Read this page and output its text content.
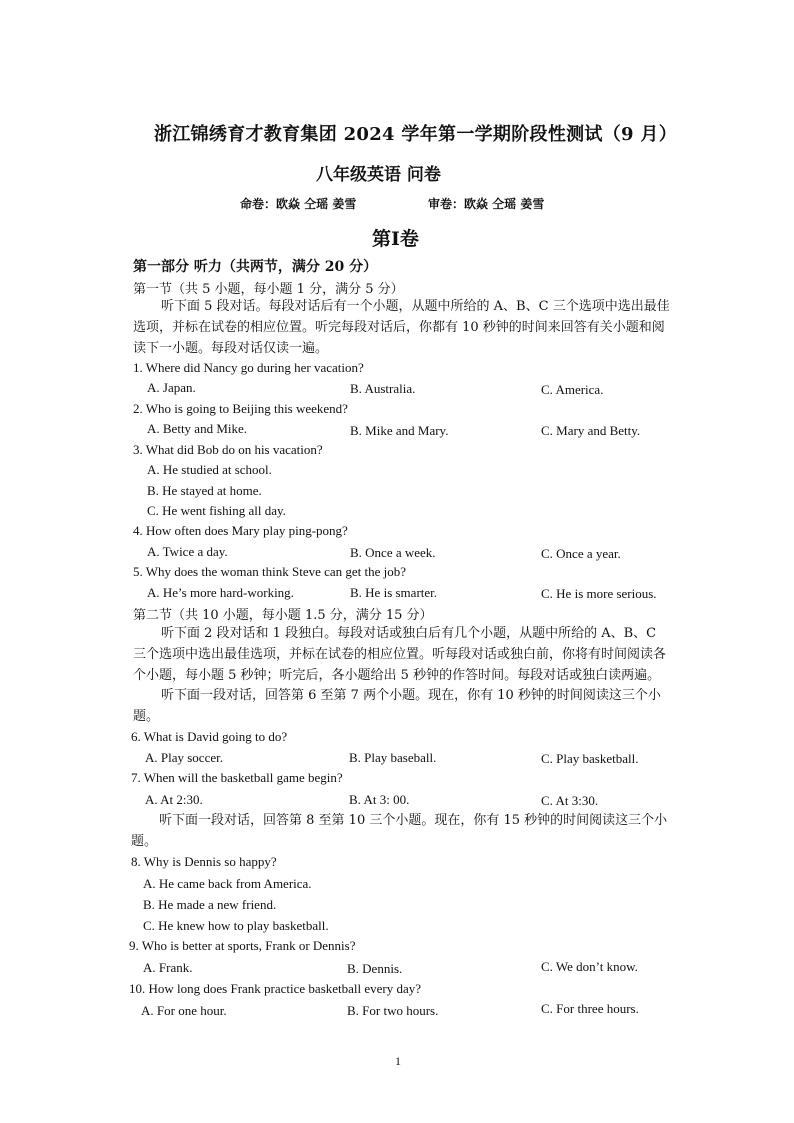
浙江锦绣育才教育集团 2024 学年第一学期阶段性测试（9 月）
八年级英语 问卷
命卷：欧焱 仝瑶 姜雪	审卷：欧焱 仝瑶 姜雪
第Ⅰ卷
第一部分 听力（共两节，满分 20 分）
第一节（共 5 小题，每小题 1 分，满分 5 分）
听下面 5 段对话。每段对话后有一个小题，从题中所给的 A、B、C 三个选项中选出最佳选项，并标在试卷的相应位置。听完每段对话后，你都有 10 秒钟的时间来回答有关小题和阅读下一小题。每段对话仅读一遍。
1. Where did Nancy go during her vacation?
A. Japan.	B. Australia.	C. America.
2. Who is going to Beijing this weekend?
A. Betty and Mike.	B. Mike and Mary.	C. Mary and Betty.
3. What did Bob do on his vacation?
A. He studied at school.
B. He stayed at home.
C. He went fishing all day.
4. How often does Mary play ping-pong?
A. Twice a day.	B. Once a week.	C. Once a year.
5. Why does the woman think Steve can get the job?
A. He’s more hard-working.	B. He is smarter.	C. He is more serious.
第二节（共 10 小题，每小题 1.5 分，满分 15 分）
听下面 2 段对话和 1 段独白。每段对话或独白后有几个小题，从题中所给的 A、B、C 三个选项中选出最佳选项，并标在试卷的相应位置。听每段对话或独白前，你将有时间阅读各个小题，每小题 5 秒钟；听完后，各小题给出 5 秒钟的作答时间。每段对话或独白读两遍。
听下面一段对话，回答第 6 至第 7 两个小题。现在，你有 10 秒钟的时间阅读这三个小题。
6. What is David going to do?
A. Play soccer.	B. Play baseball.	C. Play basketball.
7. When will the basketball game begin?
A. At 2:30.	B. At 3: 00.	C. At 3:30.
听下面一段对话，回答第 8 至第 10 三个小题。现在，你有 15 秒钟的时间阅读这三个小题。
8. Why is Dennis so happy?
A. He came back from America.
B. He made a new friend.
C. He knew how to play basketball.
9. Who is better at sports, Frank or Dennis?
A. Frank.	B. Dennis.	C. We don’t know.
10. How long does Frank practice basketball every day?
A. For one hour.	B. For two hours.	C. For three hours.
1
